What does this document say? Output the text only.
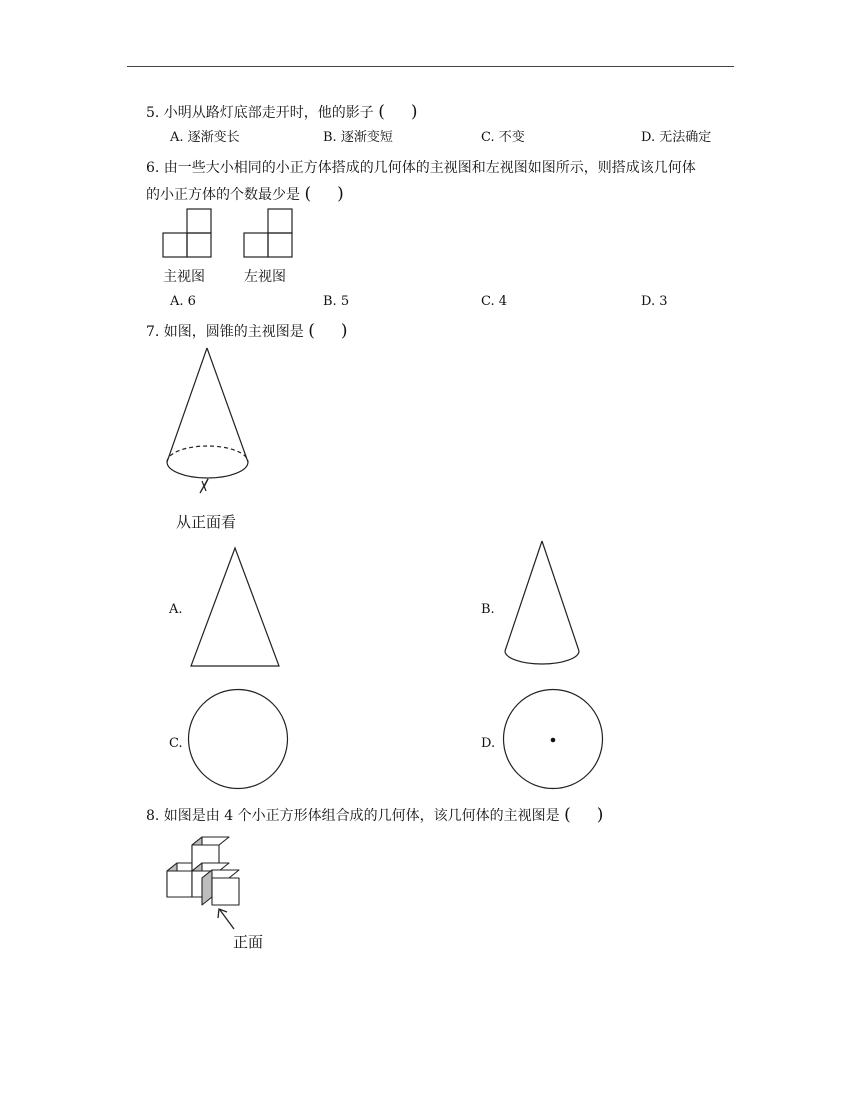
5. 小明从路灯底部走开时，他的影子 ( )
A. 逐渐变长	B. 逐渐变短	C. 不变	D. 无法确定
6. 由一些大小相同的小正方体搭成的几何体的主视图和左视图如图所示，则搭成该几何体
的小正方体的个数最少是 ( )
主视图	左视图
A. 6	B. 5	C. 4	D. 3
7. 如图，圆锥的主视图是 ( )
从正面看
A.	B.
C.	D.
8. 如图是由 4 个小正方形体组合成的几何体，该几何体的主视图是 ( )
正面
